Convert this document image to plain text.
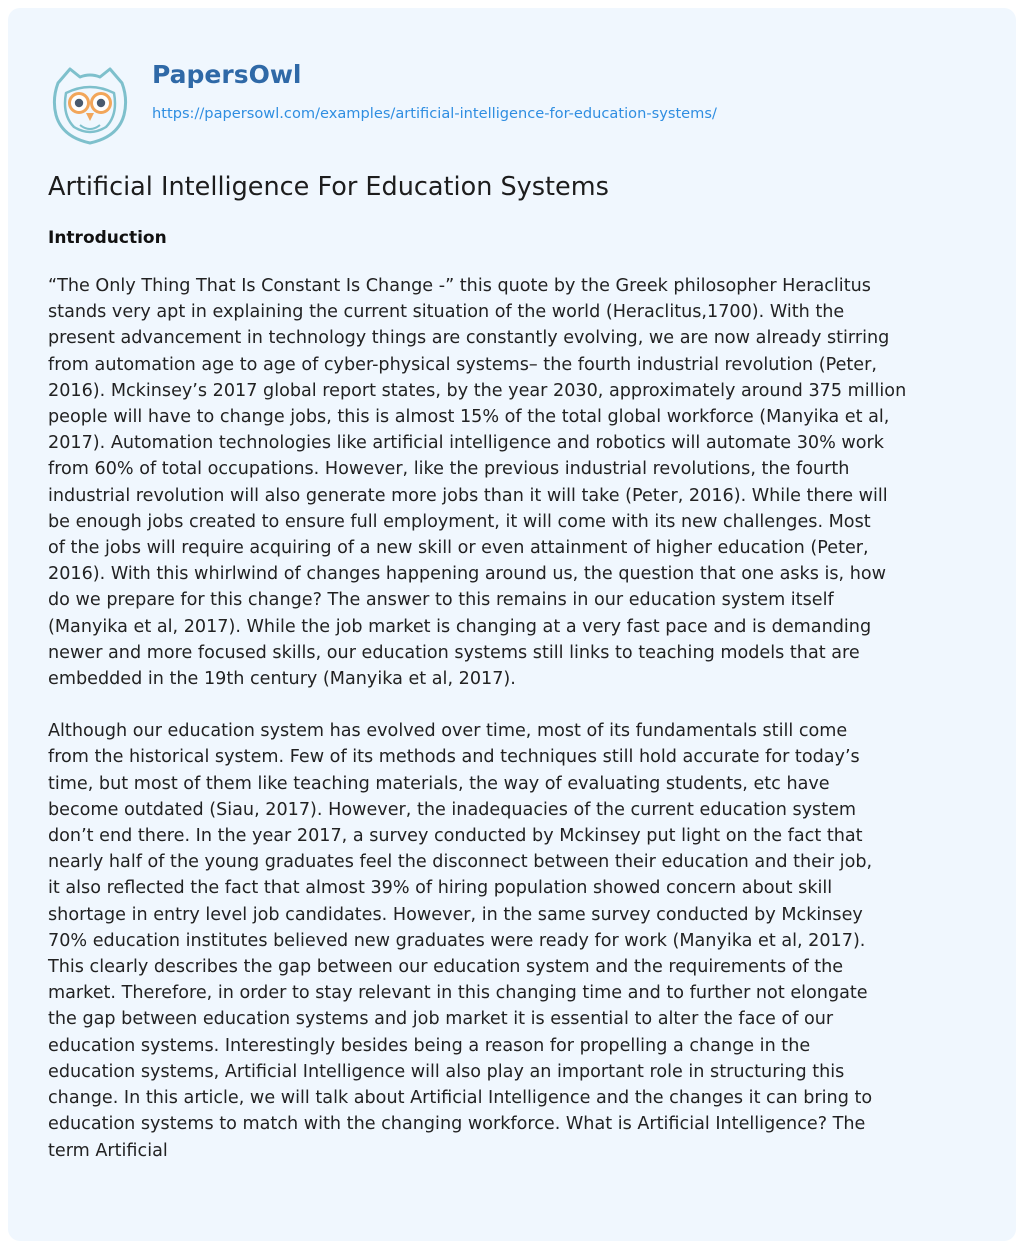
PapersOwl
https://papersowl.com/examples/artificial-intelligence-for-education-systems/
Artificial Intelligence For Education Systems
Introduction

“The Only Thing That Is Constant Is Change -” this quote by the Greek philosopher Heraclitus
stands very apt in explaining the current situation of the world (Heraclitus,1700). With the
present advancement in technology things are constantly evolving, we are now already stirring
from automation age to age of cyber-physical systems– the fourth industrial revolution (Peter,
2016). Mckinsey’s 2017 global report states, by the year 2030, approximately around 375 million
people will have to change jobs, this is almost 15% of the total global workforce (Manyika et al,
2017). Automation technologies like artificial intelligence and robotics will automate 30% work
from 60% of total occupations. However, like the previous industrial revolutions, the fourth
industrial revolution will also generate more jobs than it will take (Peter, 2016). While there will
be enough jobs created to ensure full employment, it will come with its new challenges. Most
of the jobs will require acquiring of a new skill or even attainment of higher education (Peter,
2016). With this whirlwind of changes happening around us, the question that one asks is, how
do we prepare for this change? The answer to this remains in our education system itself
(Manyika et al, 2017). While the job market is changing at a very fast pace and is demanding
newer and more focused skills, our education systems still links to teaching models that are
embedded in the 19th century (Manyika et al, 2017).

Although our education system has evolved over time, most of its fundamentals still come
from the historical system. Few of its methods and techniques still hold accurate for today’s
time, but most of them like teaching materials, the way of evaluating students, etc have
become outdated (Siau, 2017). However, the inadequacies of the current education system
don’t end there. In the year 2017, a survey conducted by Mckinsey put light on the fact that
nearly half of the young graduates feel the disconnect between their education and their job,
it also reflected the fact that almost 39% of hiring population showed concern about skill
shortage in entry level job candidates. However, in the same survey conducted by Mckinsey
70% education institutes believed new graduates were ready for work (Manyika et al, 2017).
This clearly describes the gap between our education system and the requirements of the
market. Therefore, in order to stay relevant in this changing time and to further not elongate
the gap between education systems and job market it is essential to alter the face of our
education systems. Interestingly besides being a reason for propelling a change in the
education systems, Artificial Intelligence will also play an important role in structuring this
change. In this article, we will talk about Artificial Intelligence and the changes it can bring to
education systems to match with the changing workforce. What is Artificial Intelligence? The
term Artificial
